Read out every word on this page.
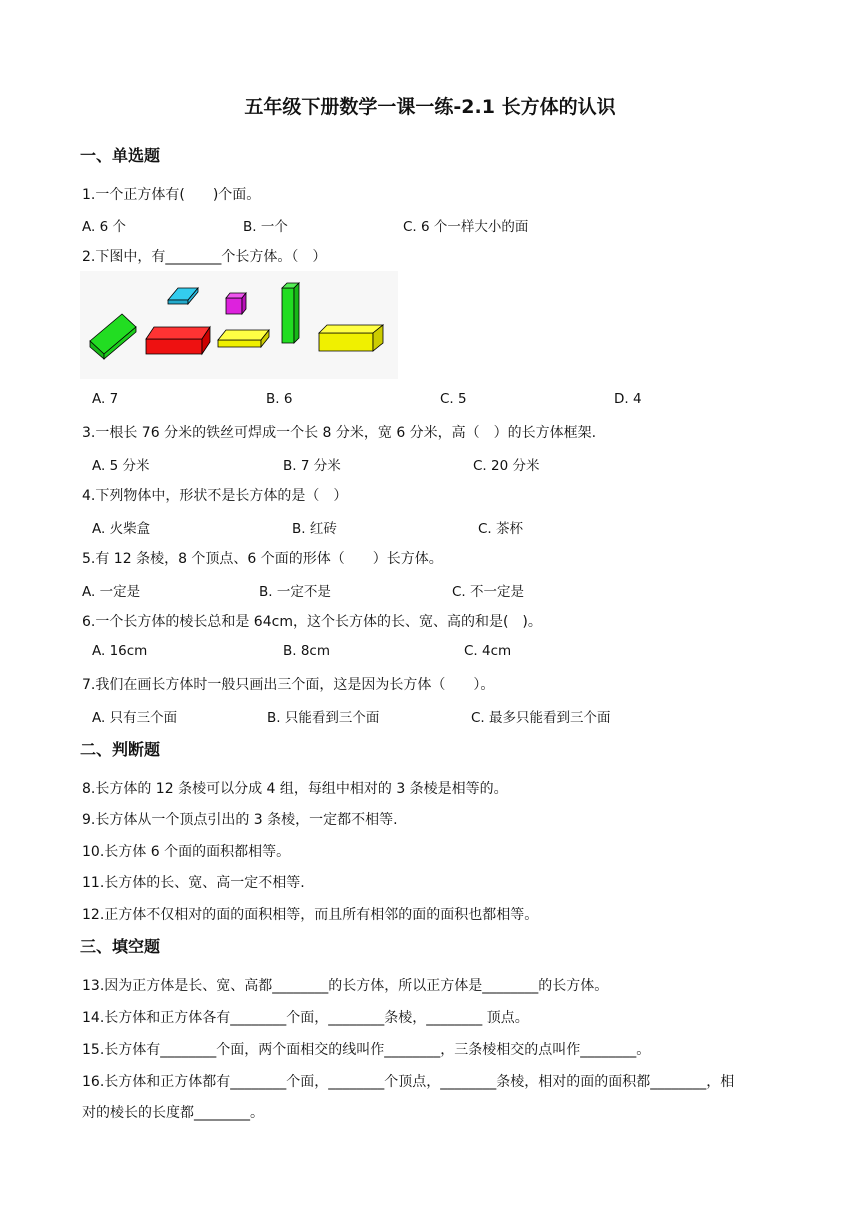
五年级下册数学一课一练-2.1 长方体的认识
一、单选题
1.一个正方体有(　　)个面。
A. 6 个	B. 一个	C. 6 个一样大小的面
2.下图中，有________个长方体。（　）
A. 7	B. 6	C. 5	D. 4
3.一根长 76 分米的铁丝可焊成一个长 8 分米，宽 6 分米，高（　）的长方体框架.
A. 5 分米	B. 7 分米	C. 20 分米
4.下列物体中，形状不是长方体的是（　）
A. 火柴盒	B. 红砖	C. 茶杯
5.有 12 条棱，8 个顶点、6 个面的形体（　　）长方体。
A. 一定是	B. 一定不是	C. 不一定是
6.一个长方体的棱长总和是 64cm，这个长方体的长、宽、高的和是(　)。
A. 16cm	B. 8cm	C. 4cm
7.我们在画长方体时一般只画出三个面，这是因为长方体（　　）。
A. 只有三个面	B. 只能看到三个面	C. 最多只能看到三个面
二、判断题
8.长方体的 12 条棱可以分成 4 组，每组中相对的 3 条棱是相等的。
9.长方体从一个顶点引出的 3 条棱，一定都不相等.
10.长方体 6 个面的面积都相等。
11.长方体的长、宽、高一定不相等.
12.正方体不仅相对的面的面积相等，而且所有相邻的面的面积也都相等。
三、填空题
13.因为正方体是长、宽、高都________的长方体，所以正方体是________的长方体。
14.长方体和正方体各有________个面，________条棱，________ 顶点。
15.长方体有________个面，两个面相交的线叫作________，三条棱相交的点叫作________。
16.长方体和正方体都有________个面，________个顶点，________条棱，相对的面的面积都________，相
对的棱长的长度都________。
